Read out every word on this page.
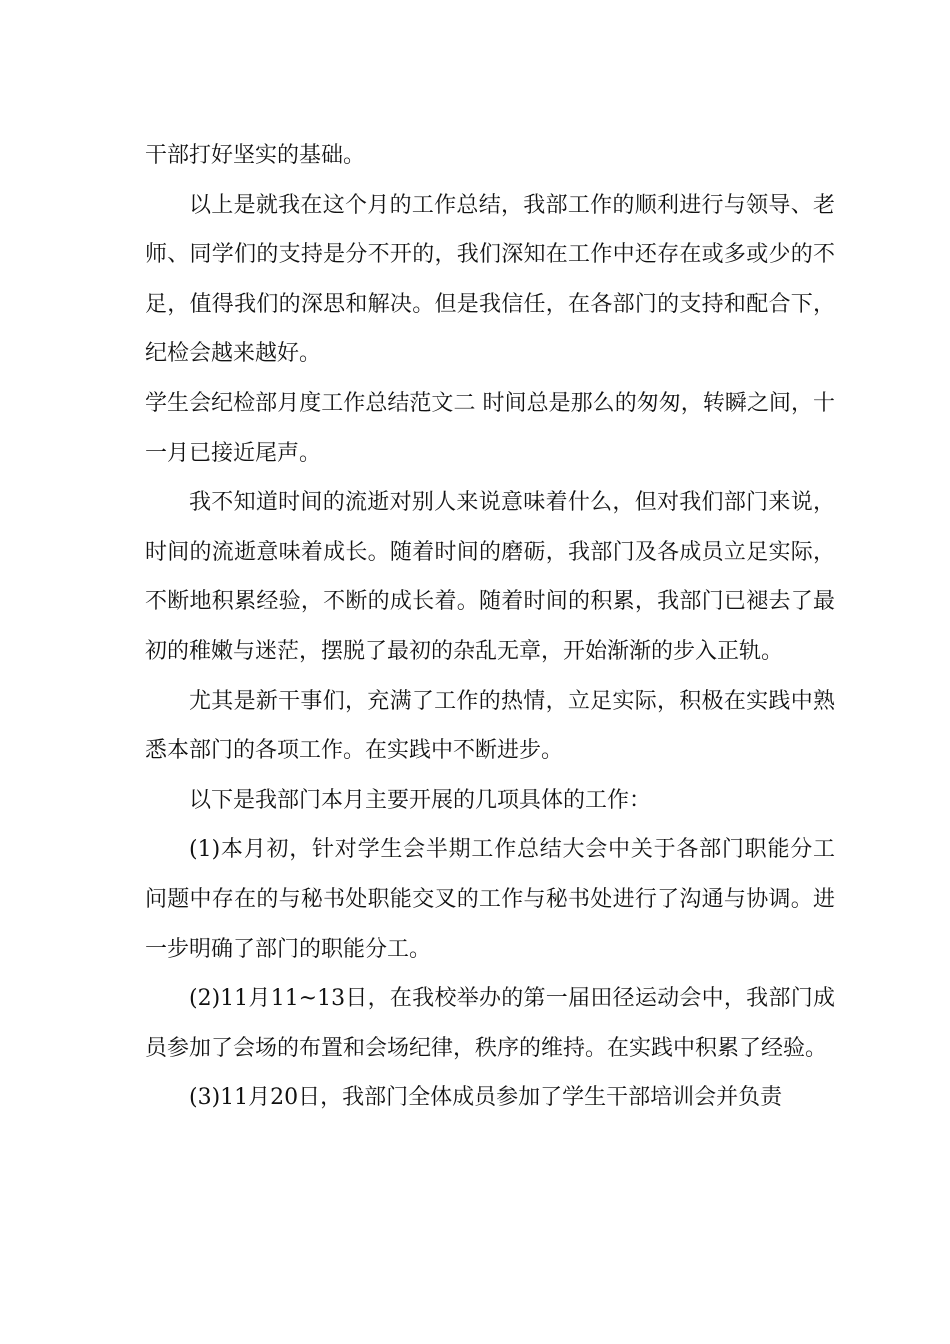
干部打好坚实的基础。

以上是就我在这个月的工作总结，我部工作的顺利进行与领导、老师、同学们的支持是分不开的，我们深知在工作中还存在或多或少的不足，值得我们的深思和解决。但是我信任，在各部门的支持和配合下，纪检会越来越好。

学生会纪检部月度工作总结范文二 时间总是那么的匆匆，转瞬之间，十一月已接近尾声。

我不知道时间的流逝对别人来说意味着什么，但对我们部门来说，时间的流逝意味着成长。随着时间的磨砺，我部门及各成员立足实际，不断地积累经验，不断的成长着。随着时间的积累，我部门已褪去了最初的稚嫩与迷茫，摆脱了最初的杂乱无章，开始渐渐的步入正轨。

尤其是新干事们，充满了工作的热情，立足实际，积极在实践中熟悉本部门的各项工作。在实践中不断进步。

以下是我部门本月主要开展的几项具体的工作：

(1)本月初，针对学生会半期工作总结大会中关于各部门职能分工问题中存在的与秘书处职能交叉的工作与秘书处进行了沟通与协调。进一步明确了部门的职能分工。

(2)11月11~13日，在我校举办的第一届田径运动会中，我部门成员参加了会场的布置和会场纪律，秩序的维持。在实践中积累了经验。

(3)11月20日，我部门全体成员参加了学生干部培训会并负责
